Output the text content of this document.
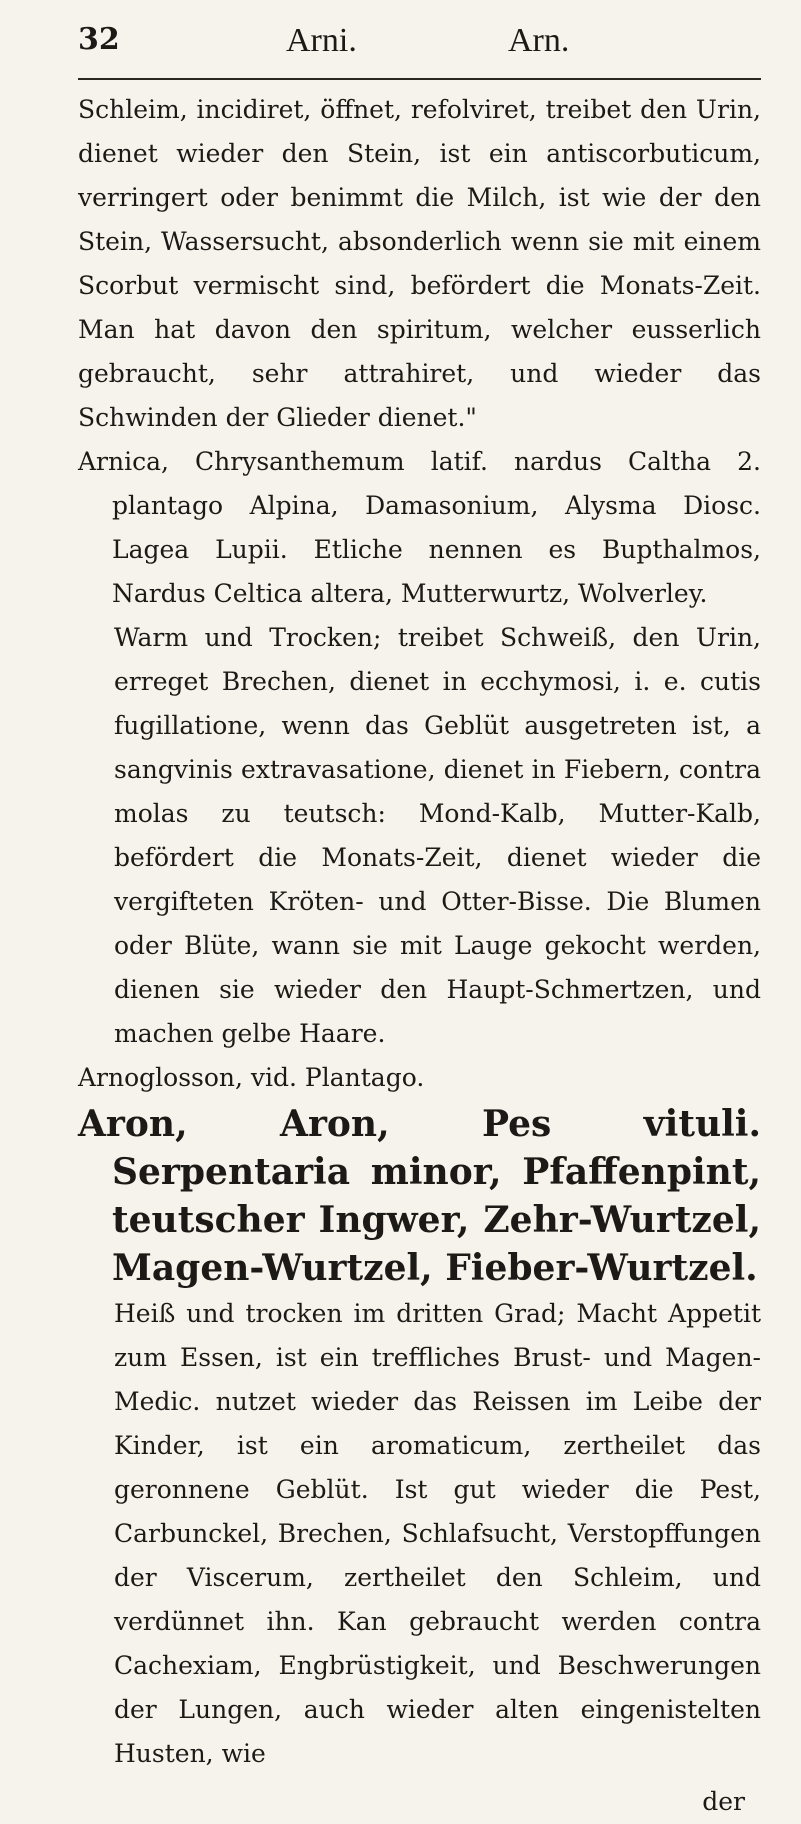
32	Arni.	Arn.

Schleim, incidiret, öffnet, refolviret, treibet den Urin, dienet wieder den Stein, ist ein antiscorbuticum, verringert oder benimmt die Milch, ist wie der den Stein, Wassersucht, absonderlich wenn sie mit einem Scorbut vermischt sind, befördert die Monats-Zeit. Man hat davon den spiritum, welcher eusserlich gebraucht, sehr attrahiret, und wieder das Schwinden der Glieder dienet."

Arnica, Chrysanthemum latif. nardus Caltha 2. plantago Alpina, Damasonium, Alysma Diosc. Lagea Lupii. Etliche nennen es Bupthalmos, Nardus Celtica altera, Mutterwurtz, Wolverley.

Warm und Trocken; treibet Schweiß, den Urin, erreget Brechen, dienet in ecchymosi, i. e. cutis fugillatione, wenn das Geblüt ausgetreten ist, a sangvinis extravasatione, dienet in Fiebern, contra molas zu teutsch: Mond-Kalb, Mutter-Kalb, befördert die Monats-Zeit, dienet wieder die vergifteten Kröten- und Otter-Bisse. Die Blumen oder Blüte, wann sie mit Lauge gekocht werden, dienen sie wieder den Haupt-Schmertzen, und machen gelbe Haare.

Arnoglosson, vid. Plantago.

Aron, Aron, Pes vituli. Serpentaria minor, Pfaffenpint, teutscher Ingwer, Zehr-Wurtzel, Magen-Wurtzel, Fieber-Wurtzel.

Heiß und trocken im dritten Grad; Macht Appetit zum Essen, ist ein treffliches Brust- und Magen-Medic. nutzet wieder das Reissen im Leibe der Kinder, ist ein aromaticum, zertheilet das geronnene Geblüt. Ist gut wieder die Pest, Carbunckel, Brechen, Schlafsucht, Verstopffungen der Viscerum, zertheilet den Schleim, und verdünnet ihn. Kan gebraucht werden contra Cachexiam, Engbrüstigkeit, und Beschwerungen der Lungen, auch wieder alten eingenistelten Husten, wie

der
